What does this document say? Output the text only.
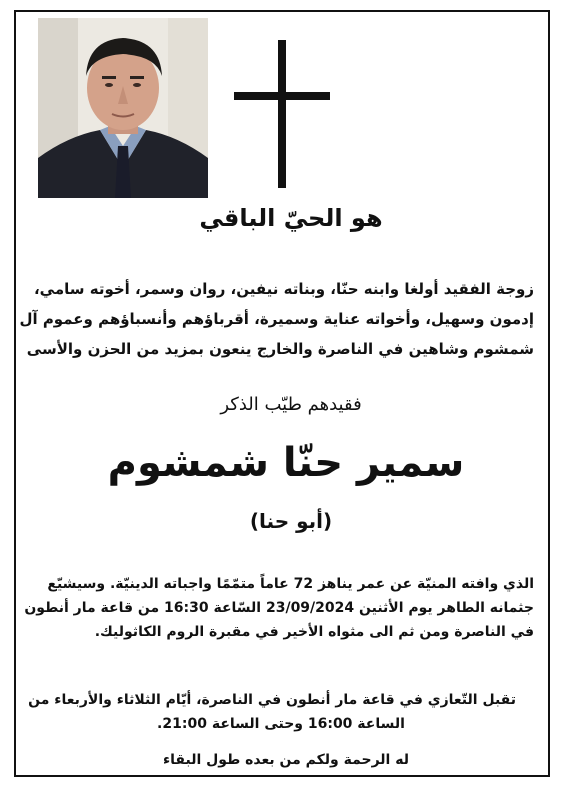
هو الحيّ الباقي
زوجة الفقيد أولغا وابنه حنّا، وبناته نيفين، روان وسمر، أخوته سامي،
إدمون وسهيل، وأخواته عناية وسميرة، أقرباؤهم وأنسباؤهم وعموم آل
شمشوم وشاهين في الناصرة والخارج ينعون بمزيد من الحزن والأسى
فقيدهم طيّب الذكر
سمير حنّا شمشوم
(أبو حنا)
الذي وافته المنيّة عن عمر يناهز 72 عاماً متمّمًا واجباته الدينيّة. وسيشيّع
جثمانه الطاهر يوم الأثنين 23/09/2024 السّاعة 16:30 من قاعة مار أنطون
في الناصرة ومن ثم الى مثواه الأخير في مقبرة الروم الكاثوليك.
تقبل التّعازي في قاعة مار أنطون في الناصرة، أيّام الثلاثاء والأربعاء من
الساعة 16:00 وحتى الساعة 21:00.
له الرحمة ولكم من بعده طول البقاء
